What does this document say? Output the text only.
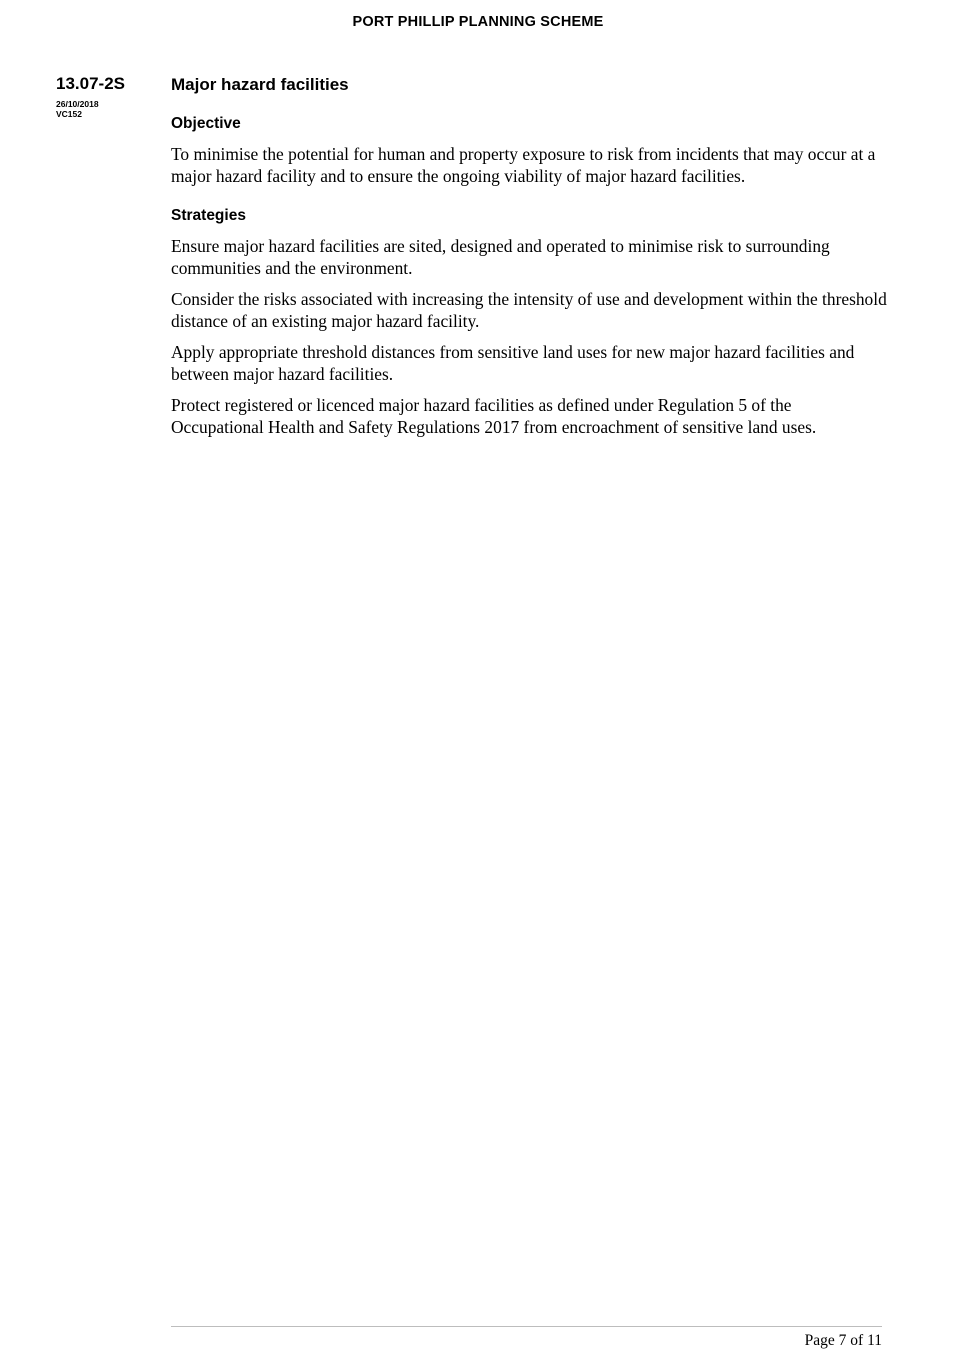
PORT PHILLIP PLANNING SCHEME
13.07-2S
26/10/2018
VC152
Major hazard facilities
Objective

To minimise the potential for human and property exposure to risk from incidents that may occur at a major hazard facility and to ensure the ongoing viability of major hazard facilities.

Strategies

Ensure major hazard facilities are sited, designed and operated to minimise risk to surrounding communities and the environment.

Consider the risks associated with increasing the intensity of use and development within the threshold distance of an existing major hazard facility.

Apply appropriate threshold distances from sensitive land uses for new major hazard facilities and between major hazard facilities.

Protect registered or licenced major hazard facilities as defined under Regulation 5 of the Occupational Health and Safety Regulations 2017 from encroachment of sensitive land uses.

Page 7 of 11
